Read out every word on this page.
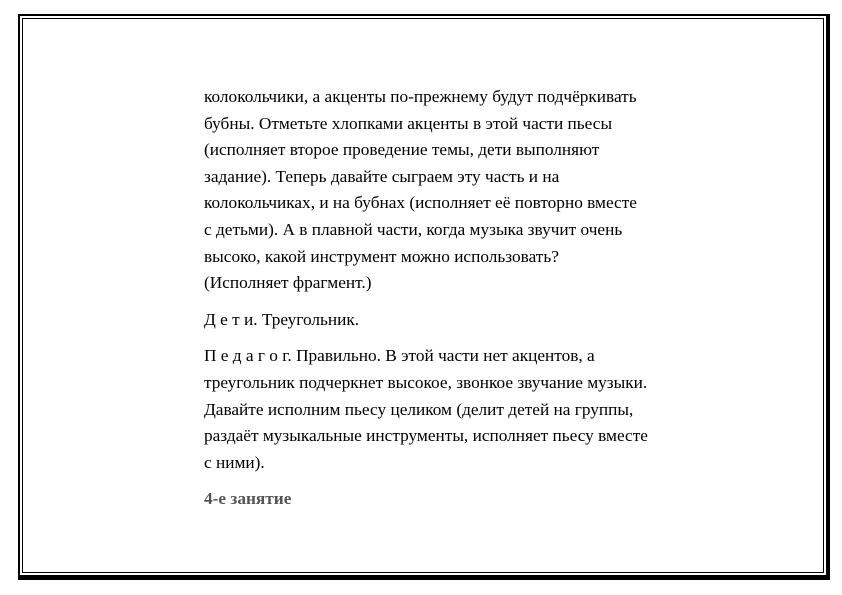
колокольчики, а акценты по-прежнему будут подчёркивать
бубны. Отметьте хлопками акценты в этой части пьесы
(исполняет второе проведение темы, дети выполняют
задание). Теперь давайте сыграем эту часть и на
колокольчиках, и на бубнах (исполняет её повторно вместе
с детьми). А в плавной части, когда музыка звучит очень
высоко, какой инструмент можно использовать?
(Исполняет фрагмент.)

Д е т и. Треугольник.

П е д а г о г. Правильно. В этой части нет акцентов, а
треугольник подчеркнет высокое, звонкое звучание музыки.
Давайте исполним пьесу целиком (делит детей на группы,
раздаёт музыкальные инструменты, исполняет пьесу вместе
с ними).

4-е занятие
